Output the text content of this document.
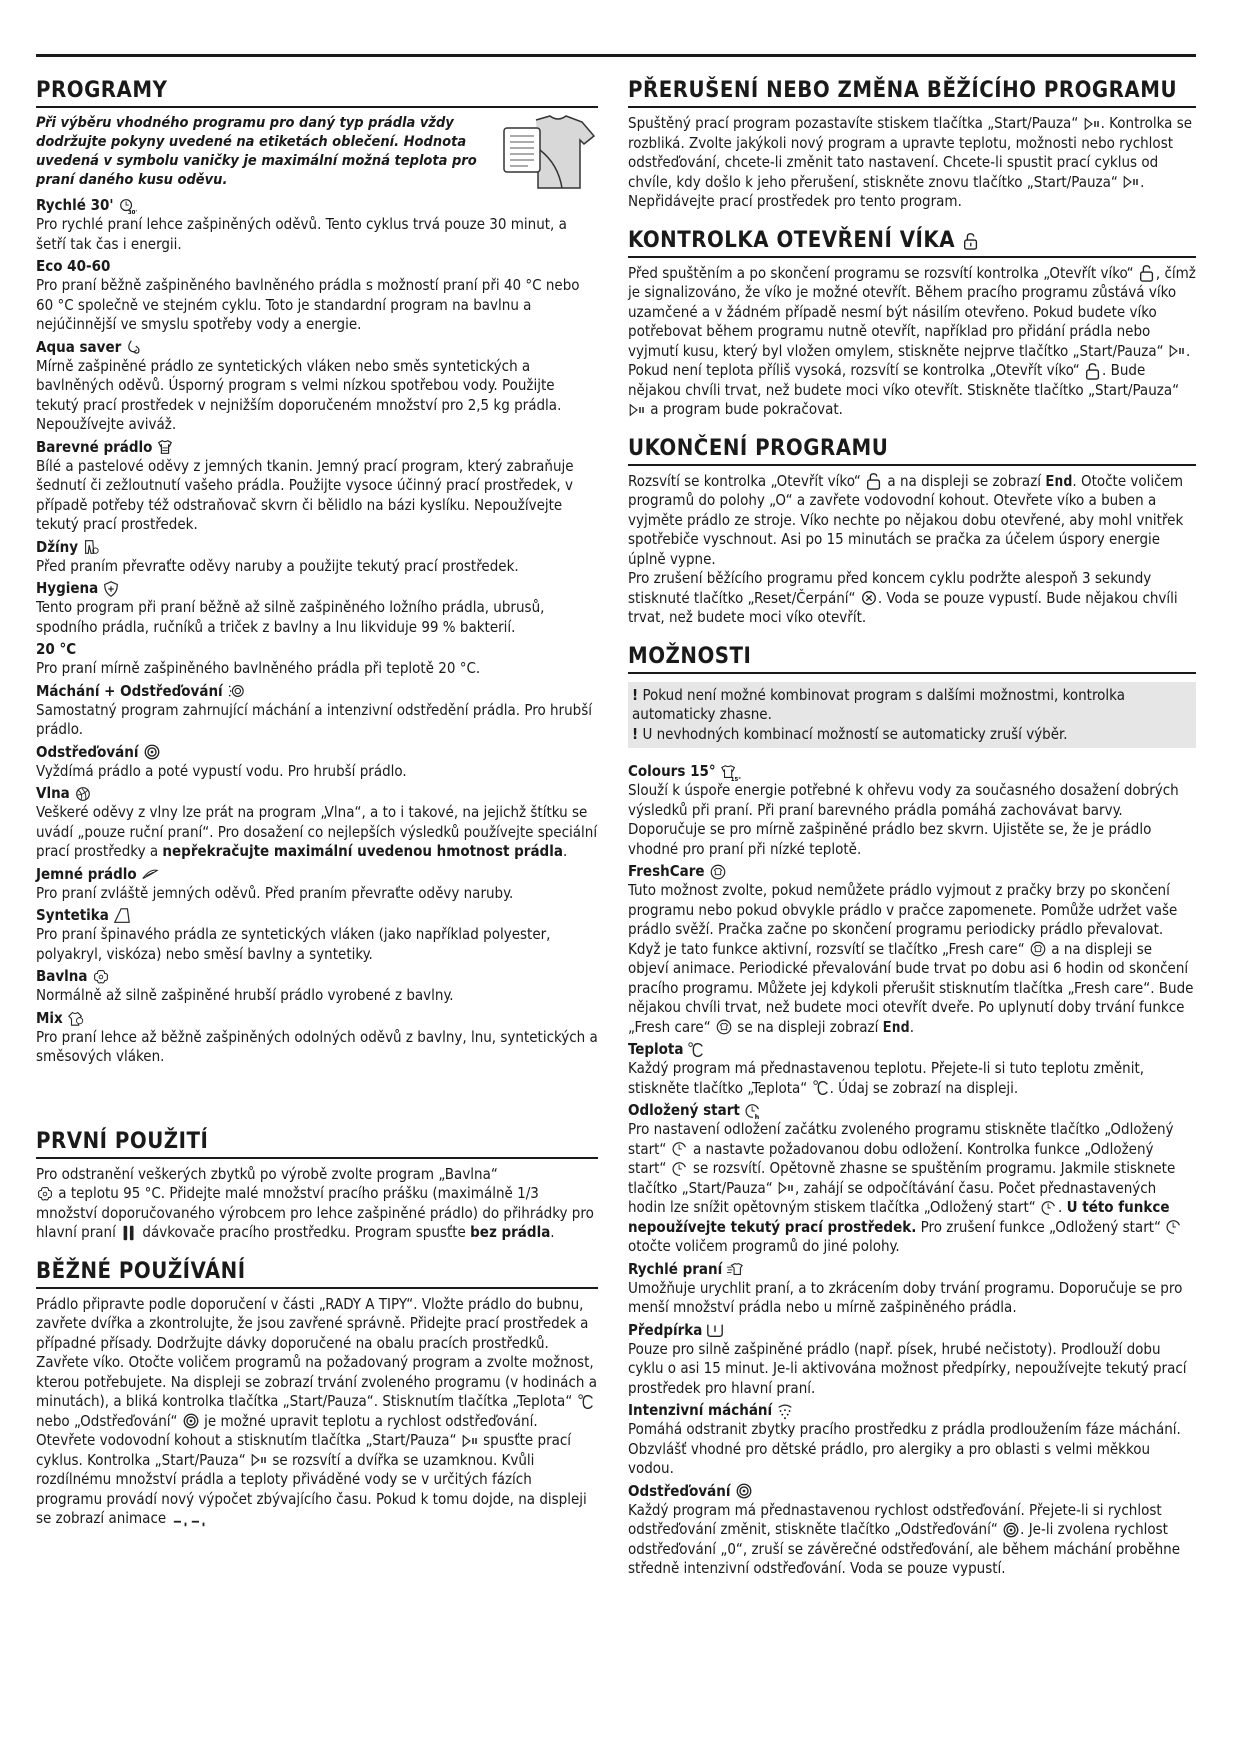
PROGRAMY

Při výběru vhodného programu pro daný typ prádla vždy dodržujte pokyny uvedené na etiketách oblečení. Hodnota uvedená v symbolu vaničky je maximální možná teplota pro praní daného kusu oděvu.

Rychlé 30' 30'

Pro rychlé praní lehce zašpiněných oděvů. Tento cyklus trvá pouze 30 minut, a šetří tak čas i energii.

Eco 40-60

Pro praní běžně zašpiněného bavlněného prádla s možností praní při 40 °C nebo 60 °C společně ve stejném cyklu. Toto je standardní program na bavlnu a nejúčinnější ve smyslu spotřeby vody a energie.

Aqua saver

Mírně zašpiněné prádlo ze syntetických vláken nebo směs syntetických a bavlněných oděvů. Úsporný program s velmi nízkou spotřebou vody. Použijte tekutý prací prostředek v nejnižším doporučeném množství pro 2,5 kg prádla. Nepoužívejte aviváž.

Barevné prádlo

Bílé a pastelové oděvy z jemných tkanin. Jemný prací program, který zabraňuje šednutí či zežloutnutí vašeho prádla. Použijte vysoce účinný prací prostředek, v případě potřeby též odstraňovač skvrn či bělidlo na bázi kyslíku. Nepoužívejte tekutý prací prostředek.

Džíny

Před praním převraťte oděvy naruby a použijte tekutý prací prostředek.

Hygiena

Tento program při praní běžně až silně zašpiněného ložního prádla, ubrusů, spodního prádla, ručníků a triček z bavlny a lnu likviduje 99 % bakterií.

20 °C

Pro praní mírně zašpiněného bavlněného prádla při teplotě 20 °C.

Máchání + Odstřeďování

Samostatný program zahrnující máchání a intenzivní odstředění prádla. Pro hrubší prádlo.

Odstřeďování

Vyždímá prádlo a poté vypustí vodu. Pro hrubší prádlo.

Vlna

Veškeré oděvy z vlny lze prát na program „Vlna“, a to i takové, na jejichž štítku se uvádí „pouze ruční praní“. Pro dosažení co nejlepších výsledků používejte speciální prací prostředky a nepřekračujte maximální uvedenou hmotnost prádla.

Jemné prádlo

Pro praní zvláště jemných oděvů. Před praním převraťte oděvy naruby.

Syntetika

Pro praní špinavého prádla ze syntetických vláken (jako například polyester, polyakryl, viskóza) nebo směsí bavlny a syntetiky.

Bavlna

Normálně až silně zašpiněné hrubší prádlo vyrobené z bavlny.

Mix

Pro praní lehce až běžně zašpiněných odolných oděvů z bavlny, lnu, syntetických a směsových vláken.

PRVNÍ POUŽITÍ

Pro odstranění veškerých zbytků po výrobě zvolte program „Bavlna“
a teplotu 95 °C. Přidejte malé množství pracího prášku (maximálně 1/3 množství doporučovaného výrobcem pro lehce zašpiněné prádlo) do přihrádky pro hlavní praní  dávkovače pracího prostředku. Program spusťte bez prádla.

BĚŽNÉ POUŽÍVÁNÍ

Prádlo připravte podle doporučení v části „RADY A TIPY“. Vložte prádlo do bubnu, zavřete dvířka a zkontrolujte, že jsou zavřené správně. Přidejte prací prostředek a případné přísady. Dodržujte dávky doporučené na obalu pracích prostředků. Zavřete víko. Otočte voličem programů na požadovaný program a zvolte možnost, kterou potřebujete. Na displeji se zobrazí trvání zvoleného programu (v hodinách a minutách), a bliká kontrolka tlačítka „Start/Pauza“. Stisknutím tlačítka „Teplota“  nebo „Odstřeďování“  je možné upravit teplotu a rychlost odstřeďování. Otevřete vodovodní kohout a stisknutím tlačítka „Start/Pauza“  spusťte prací cyklus. Kontrolka „Start/Pauza“  se rozsvítí a dvířka se uzamknou. Kvůli rozdílnému množství prádla a teploty přiváděné vody se v určitých fázích programu provádí nový výpočet zbývajícího času. Pokud k tomu dojde, na displeji se zobrazí animace

PŘERUŠENÍ NEBO ZMĚNA BĚŽÍCÍHO PROGRAMU

Spuštěný prací program pozastavíte stiskem tlačítka „Start/Pauza“ . Kontrolka se rozbliká. Zvolte jakýkoli nový program a upravte teplotu, možnosti nebo rychlost odstřeďování, chcete-li změnit tato nastavení. Chcete-li spustit prací cyklus od chvíle, kdy došlo k jeho přerušení, stiskněte znovu tlačítko „Start/Pauza“ . Nepřidávejte prací prostředek pro tento program.

KONTROLKA OTEVŘENÍ VÍKA

Před spuštěním a po skončení programu se rozsvítí kontrolka „Otevřít víko“ , čímž je signalizováno, že víko je možné otevřít. Během pracího programu zůstává víko uzamčené a v žádném případě nesmí být násilím otevřeno. Pokud budete víko potřebovat během programu nutně otevřít, například pro přidání prádla nebo vyjmutí kusu, který byl vložen omylem, stiskněte nejprve tlačítko „Start/Pauza“ . Pokud není teplota příliš vysoká, rozsvítí se kontrolka „Otevřít víko“ . Bude nějakou chvíli trvat, než budete moci víko otevřít. Stiskněte tlačítko „Start/Pauza“  a program bude pokračovat.

UKONČENÍ PROGRAMU

Rozsvítí se kontrolka „Otevřít víko“  a na displeji se zobrazí End. Otočte voličem programů do polohy „O“ a zavřete vodovodní kohout. Otevřete víko a buben a vyjměte prádlo ze stroje. Víko nechte po nějakou dobu otevřené, aby mohl vnitřek spotřebiče vyschnout. Asi po 15 minutách se pračka za účelem úspory energie úplně vypne.
Pro zrušení běžícího programu před koncem cyklu podržte alespoň 3 sekundy stisknuté tlačítko „Reset/Čerpání“ . Voda se pouze vypustí. Bude nějakou chvíli trvat, než budete moci víko otevřít.

MOŽNOSTI
! Pokud není možné kombinovat program s dalšími možnostmi, kontrolka automaticky zhasne.
! U nevhodných kombinací možností se automaticky zruší výběr.
Colours 15° 15°

Slouží k úspoře energie potřebné k ohřevu vody za současného dosažení dobrých výsledků při praní. Při praní barevného prádla pomáhá zachovávat barvy. Doporučuje se pro mírně zašpiněné prádlo bez skvrn. Ujistěte se, že je prádlo vhodné pro praní při nízké teplotě.

FreshCare

Tuto možnost zvolte, pokud nemůžete prádlo vyjmout z pračky brzy po skončení programu nebo pokud obvykle prádlo v pračce zapomenete. Pomůže udržet vaše prádlo svěží. Pračka začne po skončení programu periodicky prádlo převalovat. Když je tato funkce aktivní, rozsvítí se tlačítko „Fresh care“  a na displeji se objeví animace. Periodické převalování bude trvat po dobu asi 6 hodin od skončení pracího programu. Můžete jej kdykoli přerušit stisknutím tlačítka „Fresh care“. Bude nějakou chvíli trvat, než budete moci otevřít dveře. Po uplynutí doby trvání funkce „Fresh care“  se na displeji zobrazí End.

Teplota

Každý program má přednastavenou teplotu. Přejete-li si tuto teplotu změnit, stiskněte tlačítko „Teplota“ . Údaj se zobrazí na displeji.

Odložený start h

Pro nastavení odložení začátku zvoleného programu stiskněte tlačítko „Odložený start“  a nastavte požadovanou dobu odložení. Kontrolka funkce „Odložený start“  se rozsvítí. Opětovně zhasne se spuštěním programu. Jakmile stisknete tlačítko „Start/Pauza“ , zahájí se odpočítávání času. Počet přednastavených hodin lze snížit opětovným stiskem tlačítka „Odložený start“ . U této funkce nepoužívejte tekutý prací prostředek. Pro zrušení funkce „Odložený start“  otočte voličem programů do jiné polohy.

Rychlé praní

Umožňuje urychlit praní, a to zkrácením doby trvání programu. Doporučuje se pro menší množství prádla nebo u mírně zašpiněného prádla.

Předpírka

Pouze pro silně zašpiněné prádlo (např. písek, hrubé nečistoty). Prodlouží dobu cyklu o asi 15 minut. Je-li aktivována možnost předpírky, nepoužívejte tekutý prací prostředek pro hlavní praní.

Intenzivní máchání

Pomáhá odstranit zbytky pracího prostředku z prádla prodloužením fáze máchání. Obzvlášť vhodné pro dětské prádlo, pro alergiky a pro oblasti s velmi měkkou vodou.

Odstřeďování

Každý program má přednastavenou rychlost odstřeďování. Přejete-li si rychlost odstřeďování změnit, stiskněte tlačítko „Odstřeďování“ . Je-li zvolena rychlost odstřeďování „0“, zruší se závěrečné odstřeďování, ale během máchání proběhne středně intenzivní odstřeďování. Voda se pouze vypustí.
